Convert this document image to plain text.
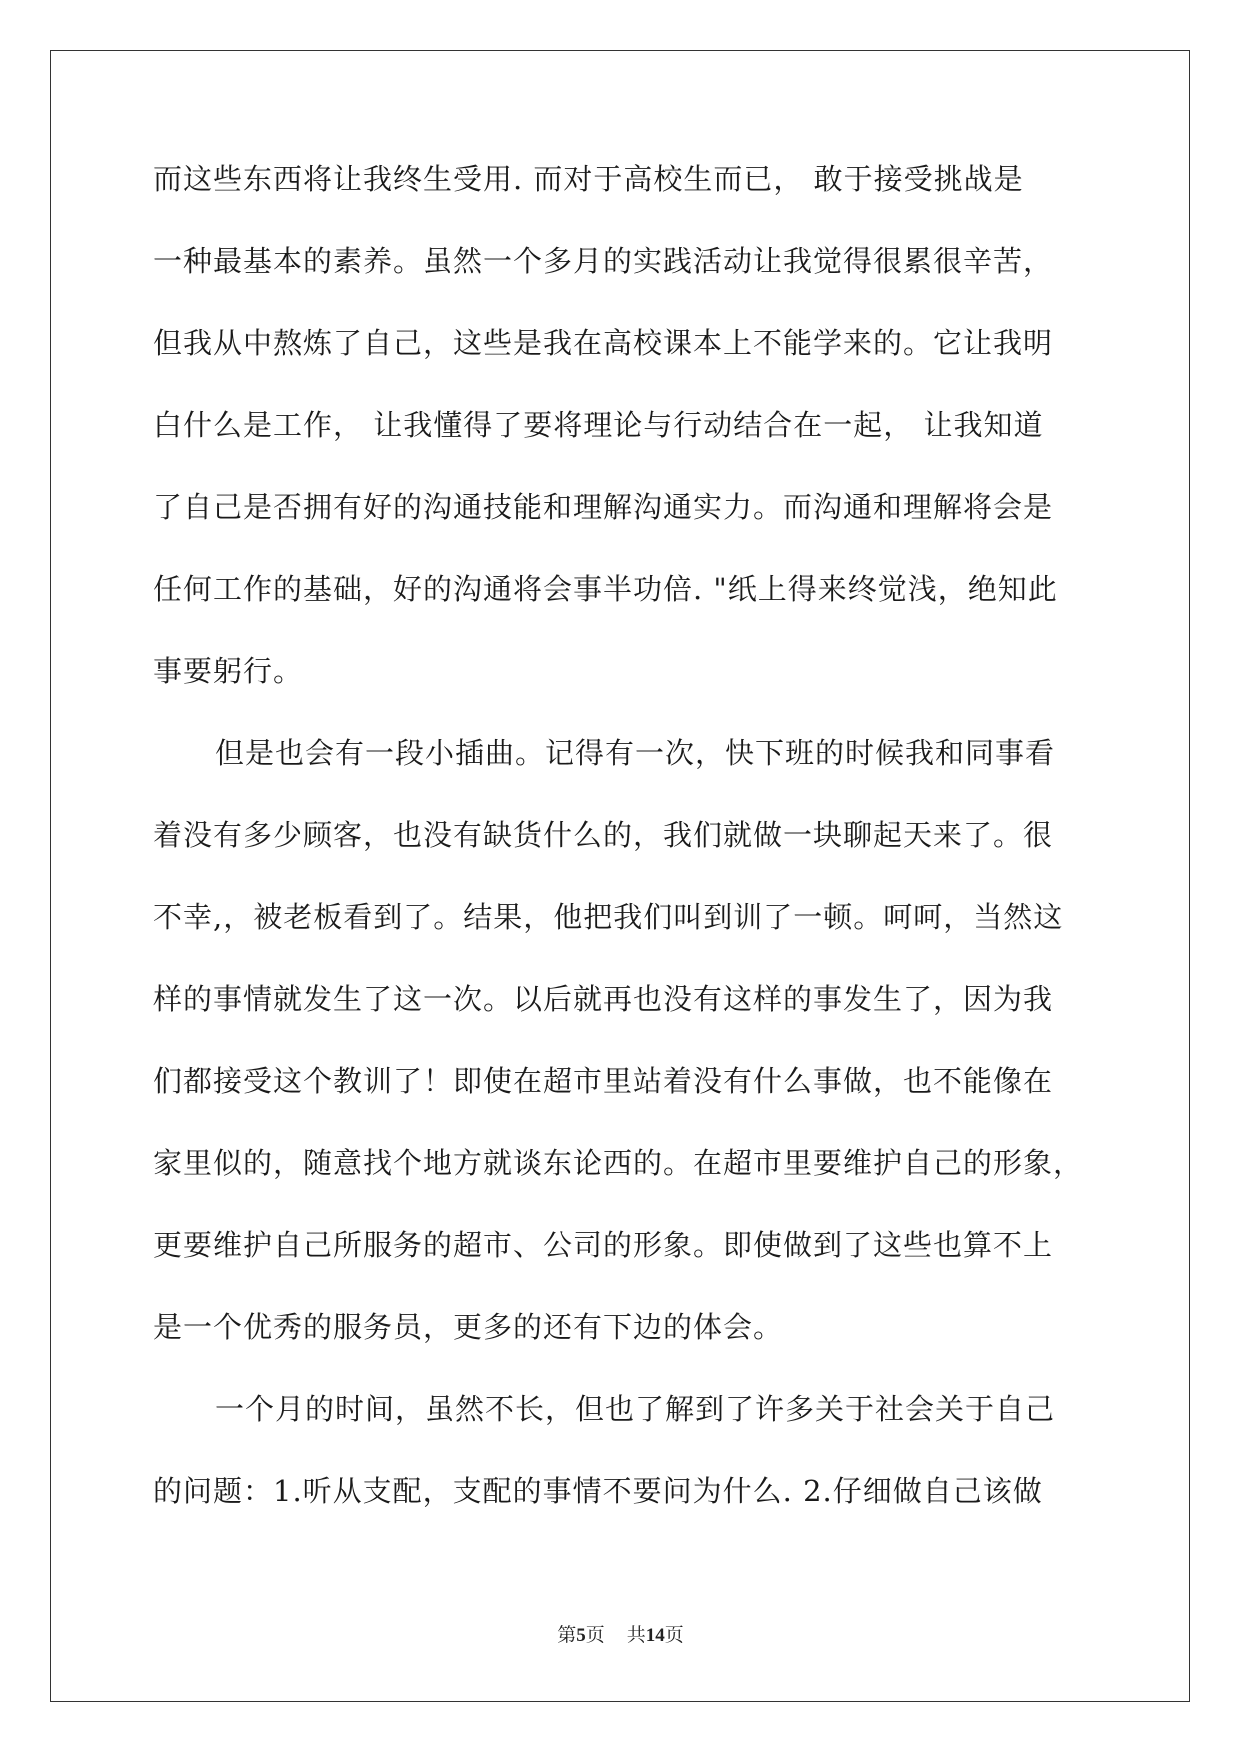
而这些东西将让我终生受用. 而对于高校生而已， 敢于接受挑战是
一种最基本的素养。虽然一个多月的实践活动让我觉得很累很辛苦，
但我从中熬炼了自己，这些是我在高校课本上不能学来的。它让我明
白什么是工作， 让我懂得了要将理论与行动结合在一起， 让我知道
了自己是否拥有好的沟通技能和理解沟通实力。而沟通和理解将会是
任何工作的基础，好的沟通将会事半功倍. "纸上得来终觉浅，绝知此
事要躬行。
但是也会有一段小插曲。记得有一次，快下班的时候我和同事看
着没有多少顾客，也没有缺货什么的，我们就做一块聊起天来了。很
不幸,，被老板看到了。结果，他把我们叫到训了一顿。呵呵，当然这
样的事情就发生了这一次。以后就再也没有这样的事发生了，因为我
们都接受这个教训了！即使在超市里站着没有什么事做，也不能像在
家里似的，随意找个地方就谈东论西的。在超市里要维护自己的形象，
更要维护自己所服务的超市、公司的形象。即使做到了这些也算不上
是一个优秀的服务员，更多的还有下边的体会。
一个月的时间，虽然不长，但也了解到了许多关于社会关于自己
的问题：1.听从支配，支配的事情不要问为什么. 2.仔细做自己该做
第5页 共14页
